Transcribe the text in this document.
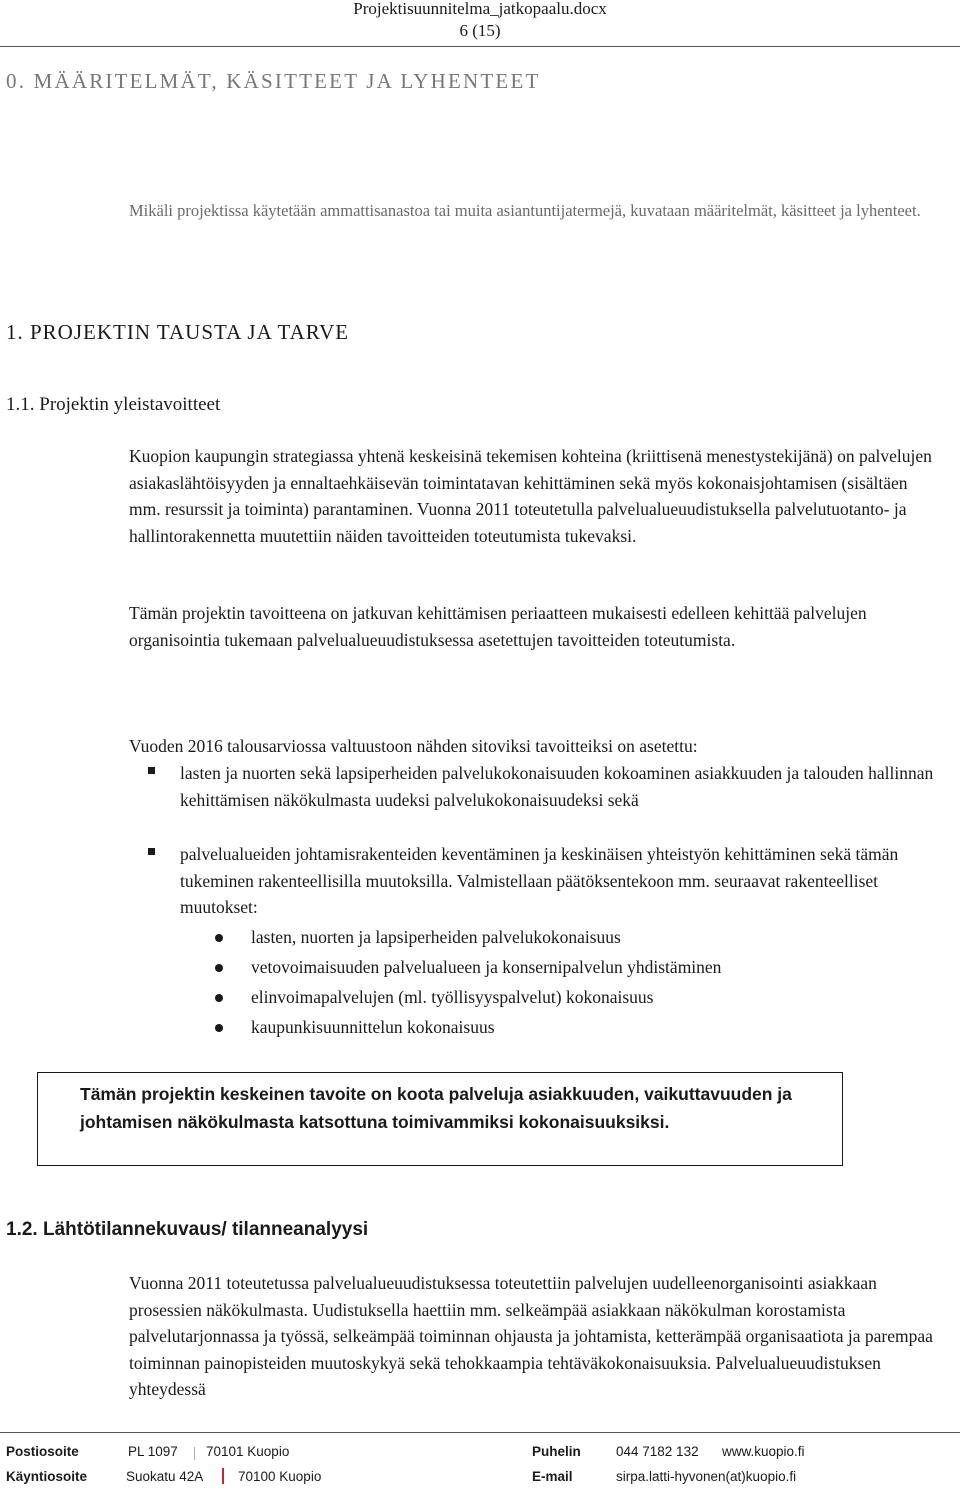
Projektisuunnitelma_jatkopaalu.docx
6 (15)
0. MÄÄRITELMÄT, KÄSITTEET JA LYHENTEET
Mikäli projektissa käytetään ammattisanastoa tai muita asiantuntijatermejä, kuvataan määritelmät, käsitteet ja lyhenteet.
1. PROJEKTIN TAUSTA JA TARVE
1.1. Projektin yleistavoitteet
Kuopion kaupungin strategiassa yhtenä keskeisinä tekemisen kohteina (kriittisenä menestystekijänä) on palvelujen asiakaslähtöisyyden ja ennaltaehkäisevän toimintatavan kehittäminen sekä myös kokonaisjohtamisen (sisältäen mm. resurssit ja toiminta) parantaminen. Vuonna 2011 toteutetulla palvelualueuudistuksella palvelutuotanto- ja hallintorakennetta muutettiin näiden tavoitteiden toteutumista tukevaksi.
Tämän projektin tavoitteena on jatkuvan kehittämisen periaatteen mukaisesti edelleen kehittää palvelujen organisointia tukemaan palvelualueuudistuksessa asetettujen tavoitteiden toteutumista.
Vuoden 2016 talousarviossa valtuustoon nähden sitoviksi tavoitteiksi on asetettu:
lasten ja nuorten sekä lapsiperheiden palvelukokonaisuuden kokoaminen asiakkuuden ja talouden hallinnan kehittämisen näkökulmasta uudeksi palvelukokonaisuudeksi sekä
palvelualueiden johtamisrakenteiden keventäminen ja keskinäisen yhteistyön kehittäminen sekä tämän tukeminen rakenteellisilla muutoksilla. Valmistellaan päätöksentekoon mm. seuraavat rakenteelliset muutokset:
lasten, nuorten ja lapsiperheiden palvelukokonaisuus
vetovoimaisuuden palvelualueen ja konsernipalvelun yhdistäminen
elinvoimapalvelujen (ml. työllisyyspalvelut) kokonaisuus
kaupunkisuunnittelun kokonaisuus
Tämän projektin keskeinen tavoite on koota palveluja asiakkuuden, vaikuttavuuden ja johtamisen näkökulmasta katsottuna toimivammiksi kokonaisuuksiksi.
1.2. Lähtötilannekuvaus/ tilanneanalyysi
Vuonna 2011 toteutetussa palvelualueuudistuksessa toteutettiin palvelujen uudelleenorganisointi asiakkaan prosessien näkökulmasta. Uudistuksella haettiin mm. selkeämpää asiakkaan näkökulman korostamista palvelutarjonnassa ja työssä, selkeämpää toiminnan ohjausta ja johtamista, ketterämpää organisaatiota ja parempaa toiminnan painopisteiden muutoskykyä sekä tehokkaampia tehtäväkokonaisuuksia. Palvelualueuudistuksen yhteydessä
Postiosoite	PL 1097 70101 Kuopio
Käyntiosoite	Suokatu 42A	70100 Kuopio
Puhelin	044 7182 132 www.kuopio.fi
E-mail	sirpa.latti-hyvonen(at)kuopio.fi
